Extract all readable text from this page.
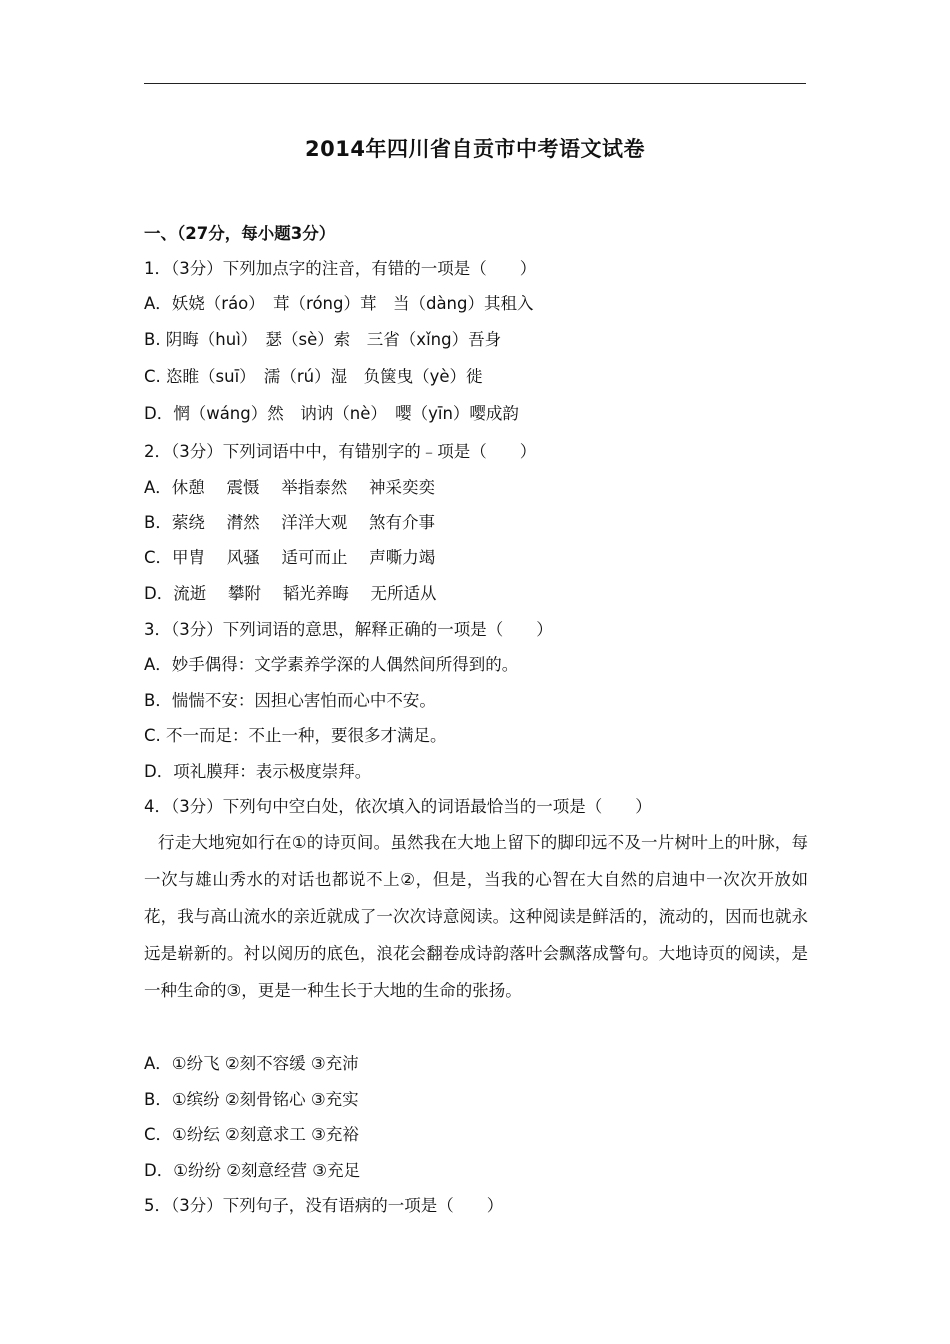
2014年四川省自贡市中考语文试卷
一、（27分，每小题3分）
1．（3分）下列加点字的注音，有错的一项是（　　）
A．妖娆（ráo）　茸（róng）茸　当（dàng）其租入
B. 阴晦（huì）　瑟（sè）索　三省（xǐng）吾身
C. 恣睢（suī）　濡（rú）湿　负箧曳（yè）徙
D．惘（wáng）然　讷讷（nè）　嘤（yīn）嘤成韵
2．（3分）下列词语中中，有错别字的﹣项是（　　）
A．休憩　 震慑　 举指泰然　 神采奕奕
B．萦绕　 潸然　 洋洋大观　 煞有介事
C．甲胄　 风骚　 适可而止　 声嘶力竭
D．流逝　 攀附　 韬光养晦　 无所适从
3．（3分）下列词语的意思，解释正确的一项是（　　）
A．妙手偶得：文学素养学深的人偶然间所得到的。
B．惴惴不安：因担心害怕而心中不安。
C. 不一而足：不止一种，要很多才满足。
D．项礼膜拜：表示极度崇拜。
4．（3分）下列句中空白处，依次填入的词语最恰当的一项是（　　）
行走大地宛如行在①的诗页间。虽然我在大地上留下的脚印远不及一片树叶上的叶脉，每一次与雄山秀水的对话也都说不上②，但是，当我的心智在大自然的启迪中一次次开放如花，我与高山流水的亲近就成了一次次诗意阅读。这种阅读是鲜活的，流动的，因而也就永远是崭新的。衬以阅历的底色，浪花会翻卷成诗韵落叶会飘落成警句。大地诗页的阅读，是一种生命的③，更是一种生长于大地的生命的张扬。
A．①纷飞 ②刻不容缓 ③充沛
B．①缤纷 ②刻骨铭心 ③充实
C．①纷纭 ②刻意求工 ③充裕
D．①纷纷 ②刻意经营 ③充足
5．（3分）下列句子，没有语病的一项是（　　）
